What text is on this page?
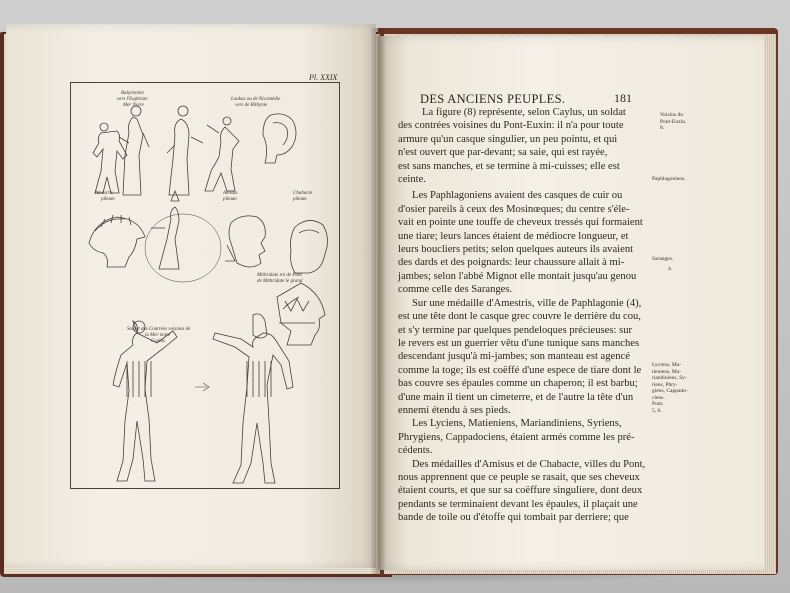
Pl. XXIX
Babylonien
vers l'Euphrate
Mer Noire
Loukas ou de Nicomédie
vers de Bithynie
Amastris
pileum
Amisus
pileum
Chabacte
pileum
Mithridate roi de Pont
de Mithridate le grand
Soldat des Contrées voisines de
la Mer noire
Caylus
DES ANCIENS PEUPLES.	181

La figure (8) représente, selon Caylus, un soldat

des contrées voisines du Pont-Euxin: il n'a pour toute
armure qu'un casque singulier, un peu pointu, et qui
n'est ouvert que par-devant; sa saie, qui est rayée,
est sans manches, et se termine à mi-cuisses; elle est
ceinte.

Les Paphlagoniens avaient des casques de cuir ou

d'osier pareils à ceux des Mosinœques; du centre s'éle-
vait en pointe une touffe de cheveux tressés qui formaient
une tiare; leurs lances étaient de médiocre longueur, et
leurs boucliers petits; selon quelques auteurs ils avaient
des dards et des poignards: leur chaussure allait à mi-
jambes; selon l'abbé Mignot elle montait jusqu'au genou
comme celle des Saranges.

Sur une médaille d'Amestris, ville de Paphlagonie (4),

est une tête dont le casque grec couvre le derrière du cou,
et s'y termine par quelques pendeloques précieuses: sur
le revers est un guerrier vêtu d'une tunique sans manches
descendant jusqu'à mi-jambes; son manteau est agencé
comme la toge; ils est coëffé d'une espece de tiare dont le
bas couvre ses épaules comme un chaperon; il est barbu;
d'une main il tient un cimeterre, et de l'autre la tête d'un
ennemi étendu à ses pieds.

Les Lyciens, Matieniens, Mariandiniens, Syriens,

Phrygiens, Cappadociens, étaient armés comme les pré-
cédents.

Des médailles d'Amisus et de Chabacte, villes du Pont,

nous apprennent que ce peuple se rasait, que ses cheveux
étaient courts, et que sur sa coëffure singuliere, dont deux
pendants se terminaient devant les épaules, il plaçait une
bande de toile ou d'étoffe qui tombait par derriere; que
Voisins du
Pont-Euxin.
8.
Paphlagoniens.
Saranges.
4.
Lyciens, Ma-
tieniens, Ma-
riandiniens, Sy-
riens, Phry-
giens, Cappado-
ciens.
Pont.
5, 6.
